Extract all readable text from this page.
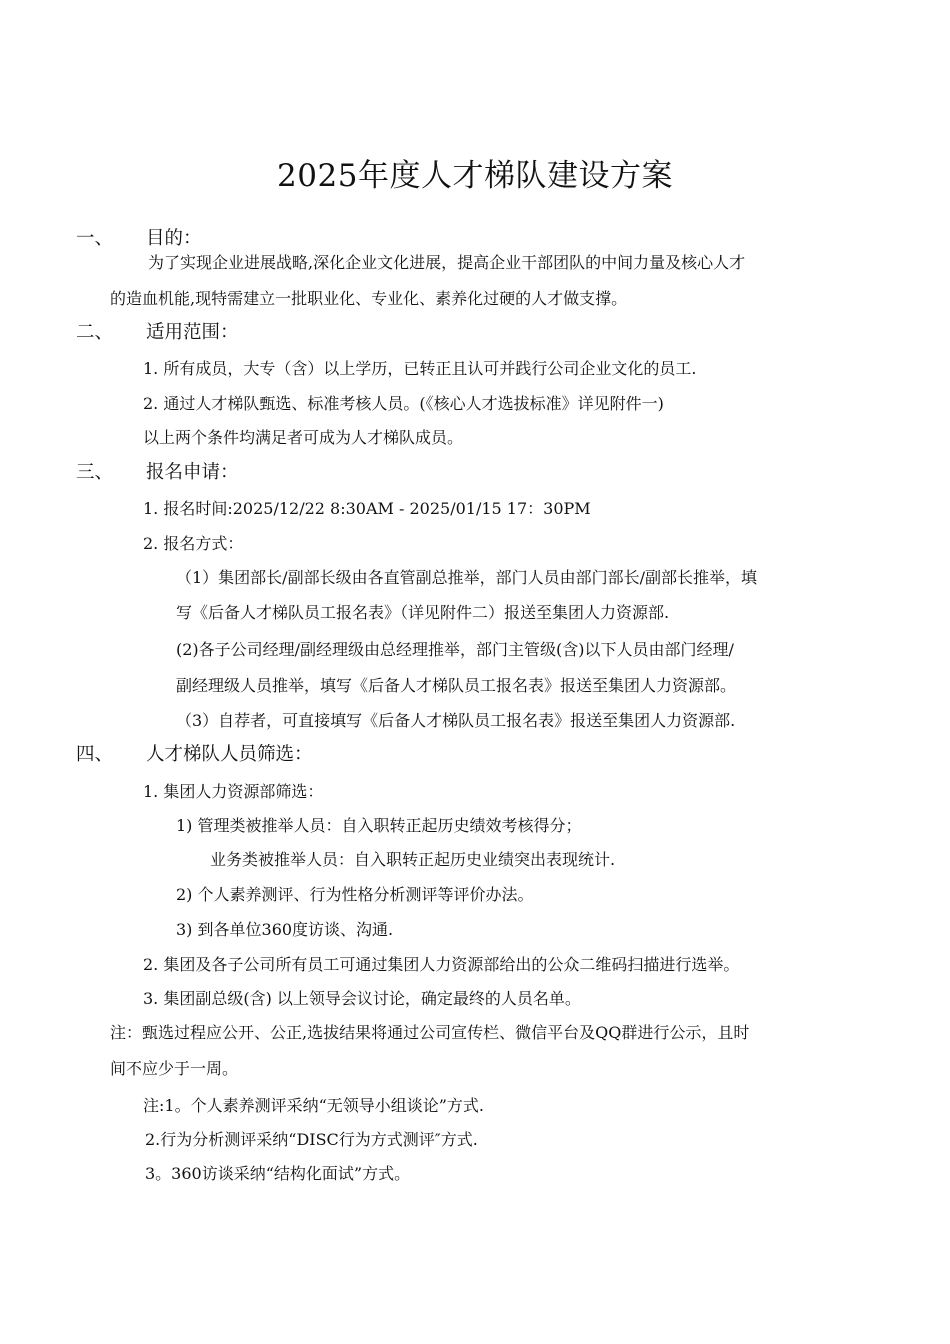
2025年度人才梯队建设方案
一、 目的：
为了实现企业进展战略,深化企业文化进展，提高企业干部团队的中间力量及核心人才
的造血机能,现特需建立一批职业化、专业化、素养化过硬的人才做支撑。
二、 适用范围：
1. 所有成员，大专（含）以上学历，已转正且认可并践行公司企业文化的员工.
2. 通过人才梯队甄选、标准考核人员。(《核心人才选拔标准》详见附件一)
以上两个条件均满足者可成为人才梯队成员。
三、 报名申请：
1. 报名时间:2025/12/22 8:30AM - 2025/01/15 17：30PM
2. 报名方式：
（1）集团部长/副部长级由各直管副总推举，部门人员由部门部长/副部长推举，填
写《后备人才梯队员工报名表》（详见附件二）报送至集团人力资源部.
(2)各子公司经理/副经理级由总经理推举，部门主管级(含)以下人员由部门经理/
副经理级人员推举，填写《后备人才梯队员工报名表》报送至集团人力资源部。
（3）自荐者，可直接填写《后备人才梯队员工报名表》报送至集团人力资源部.
四、 人才梯队人员筛选：
1. 集团人力资源部筛选：
1) 管理类被推举人员：自入职转正起历史绩效考核得分；
业务类被推举人员：自入职转正起历史业绩突出表现统计.
2) 个人素养测评、行为性格分析测评等评价办法。
3) 到各单位360度访谈、沟通.
2. 集团及各子公司所有员工可通过集团人力资源部给出的公众二维码扫描进行选举。
3. 集团副总级(含) 以上领导会议讨论，确定最终的人员名单。
注：甄选过程应公开、公正,选拔结果将通过公司宣传栏、微信平台及QQ群进行公示，且时
间不应少于一周。
注:1。个人素养测评采纳“无领导小组谈论”方式.
2.行为分析测评采纳“DISC行为方式测评″方式.
3。360访谈采纳“结构化面试”方式。
